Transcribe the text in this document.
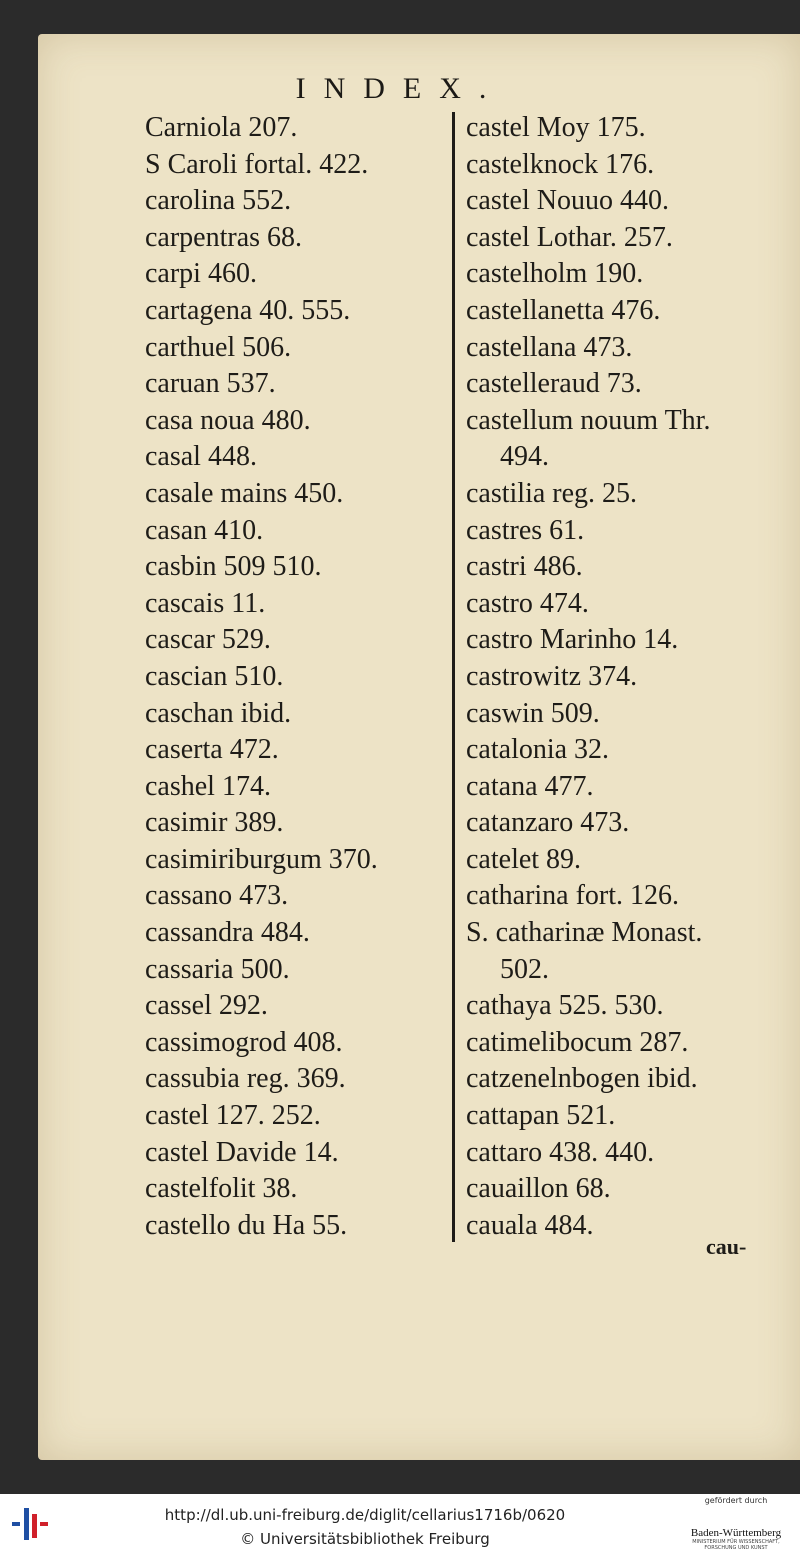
INDEX.
Carniola 207.
S Caroli fortal. 422.
carolina 552.
carpentras 68.
carpi 460.
cartagena 40. 555.
carthuel 506.
caruan 537.
casa noua 480.
casal 448.
casale mains 450.
casan 410.
casbin 509 510.
cascais 11.
cascar 529.
cascian 510.
caschan ibid.
caserta 472.
cashel 174.
casimir 389.
casimiriburgum 370.
cassano 473.
cassandra 484.
cassaria 500.
cassel 292.
cassimogrod 408.
cassubia reg. 369.
castel 127. 252.
castel Davide 14.
castelfolit 38.
castello du Ha 55.
castel Moy 175.
castelknock 176.
castel Nouuo 440.
castel Lothar. 257.
castelholm 190.
castellanetta 476.
castellana 473.
castelleraud 73.
castellum nouum Thr.
494.
castilia reg. 25.
castres 61.
castri 486.
castro 474.
castro Marinho 14.
castrowitz 374.
caswin 509.
catalonia 32.
catana 477.
catanzaro 473.
catelet 89.
catharina fort. 126.
S. catharinæ Monast.
502.
cathaya 525. 530.
catimelibocum 287.
catzenelnbogen ibid.
cattapan 521.
cattaro 438. 440.
cauaillon 68.
cauala 484.
cau-
http://dl.ub.uni-freiburg.de/diglit/cellarius1716b/0620
© Universitätsbibliothek Freiburg
gefördert durch
Baden-Württemberg
MINISTERIUM FÜR WISSENSCHAFT, FORSCHUNG UND KUNST
